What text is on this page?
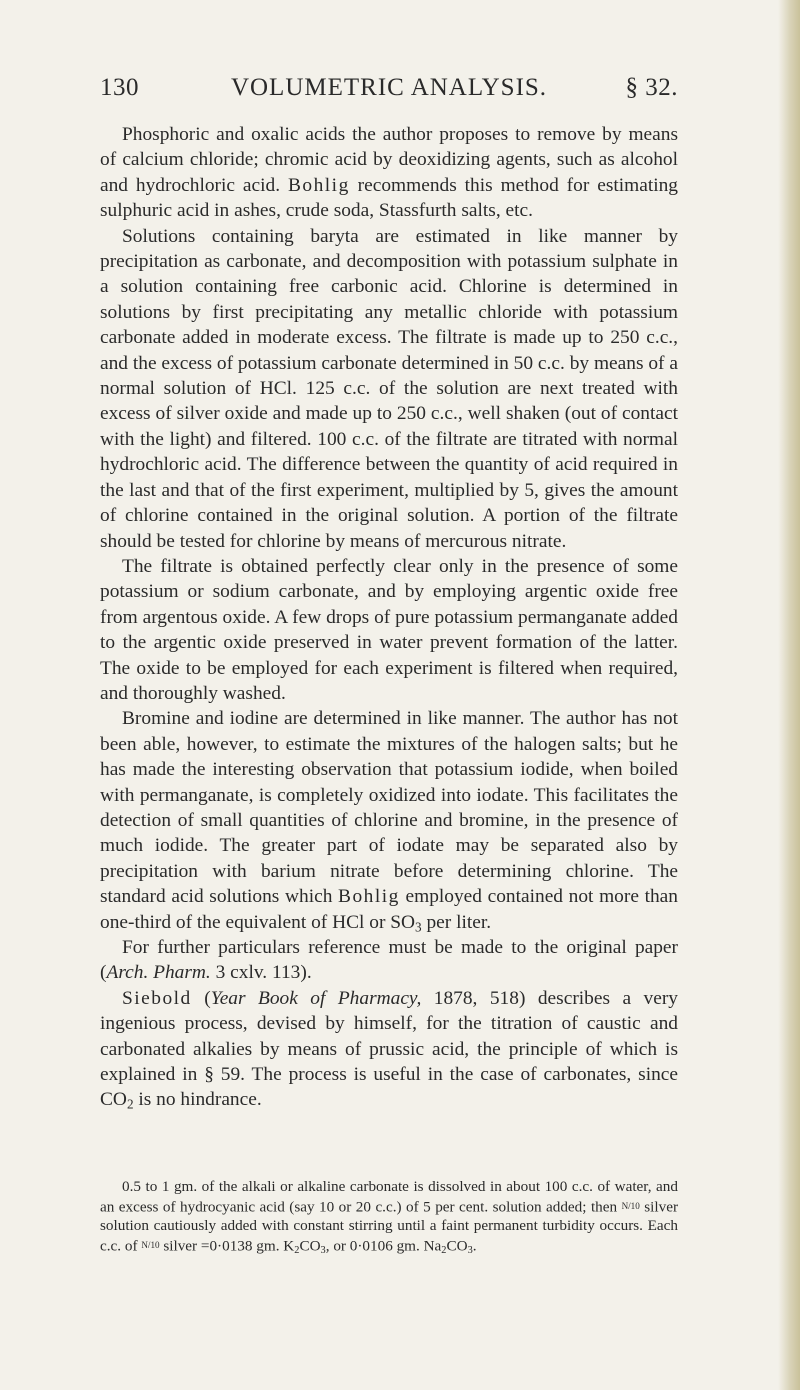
130	VOLUMETRIC ANALYSIS.	§ 32.

Phosphoric and oxalic acids the author proposes to remove by means of calcium chloride; chromic acid by deoxidizing agents, such as alcohol and hydrochloric acid. Bohlig recommends this method for estimating sulphuric acid in ashes, crude soda, Stassfurth salts, etc.

Solutions containing baryta are estimated in like manner by precipitation as carbonate, and decomposition with potassium sulphate in a solution containing free carbonic acid. Chlorine is determined in solutions by first precipitating any metallic chloride with potassium carbonate added in moderate excess. The filtrate is made up to 250 c.c., and the excess of potassium carbonate determined in 50 c.c. by means of a normal solution of HCl. 125 c.c. of the solution are next treated with excess of silver oxide and made up to 250 c.c., well shaken (out of contact with the light) and filtered. 100 c.c. of the filtrate are titrated with normal hydrochloric acid. The difference between the quantity of acid required in the last and that of the first experiment, multiplied by 5, gives the amount of chlorine contained in the original solution. A portion of the filtrate should be tested for chlorine by means of mercurous nitrate.

The filtrate is obtained perfectly clear only in the presence of some potassium or sodium carbonate, and by employing argentic oxide free from argentous oxide. A few drops of pure potassium permanganate added to the argentic oxide preserved in water prevent formation of the latter. The oxide to be employed for each experiment is filtered when required, and thoroughly washed.

Bromine and iodine are determined in like manner. The author has not been able, however, to estimate the mixtures of the halogen salts; but he has made the interesting observation that potassium iodide, when boiled with permanganate, is completely oxidized into iodate. This facilitates the detection of small quantities of chlorine and bromine, in the presence of much iodide. The greater part of iodate may be separated also by precipitation with barium nitrate before determining chlorine. The standard acid solutions which Bohlig employed contained not more than one-third of the equivalent of HCl or $SO_3$ per liter.

For further particulars reference must be made to the original paper (Arch. Pharm. 3 cxlv. 113).

Siebold (Year Book of Pharmacy, 1878, 518) describes a very ingenious process, devised by himself, for the titration of caustic and carbonated alkalies by means of prussic acid, the principle of which is explained in § 59. The process is useful in the case of carbonates, since $CO_2$ is no hindrance.

0.5 to 1 gm. of the alkali or alkaline carbonate is dissolved in about 100 c.c. of water, and an excess of hydrocyanic acid (say 10 or 20 c.c.) of 5 per cent. solution added; then N/10 silver solution cautiously added with constant stirring until a faint permanent turbidity occurs. Each c.c. of N/10 silver =0·0138 gm. $K_2CO_3$, or 0·0106 gm. $Na_2CO_3$.
